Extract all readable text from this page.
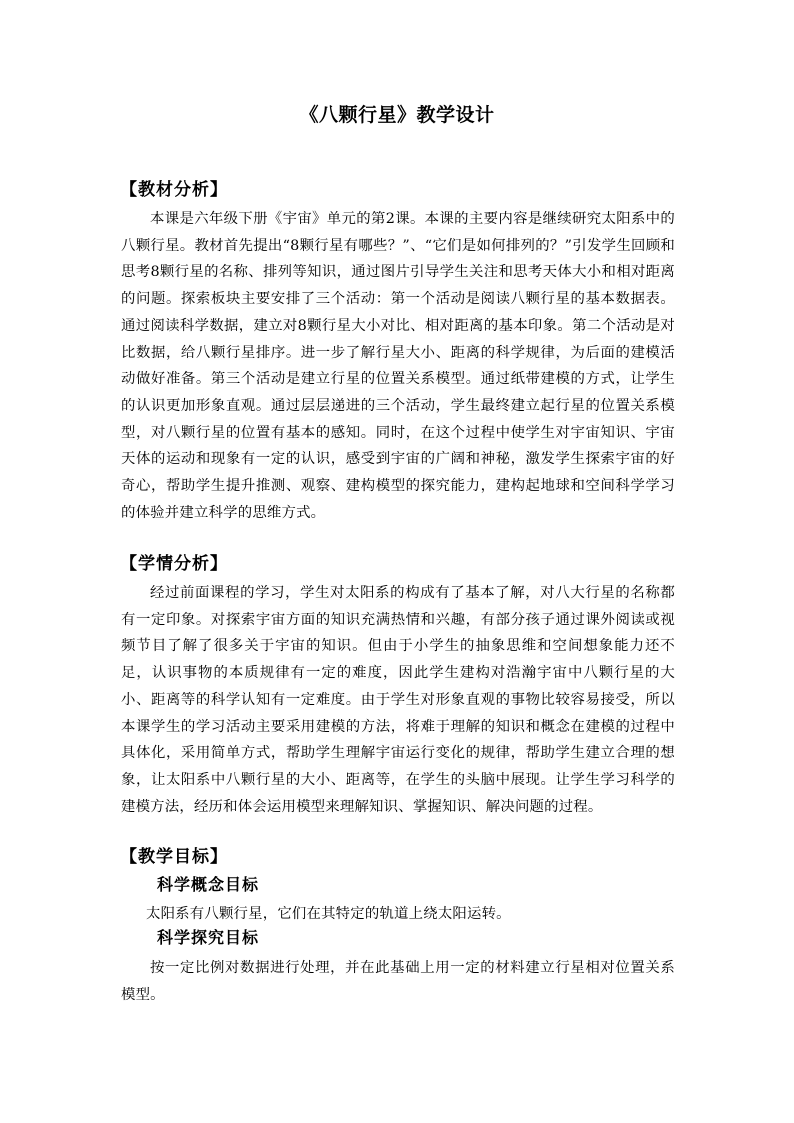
《八颗行星》教学设计
【教材分析】

本课是六年级下册《宇宙》单元的第2课。本课的主要内容是继续研究太阳系中的八颗行星。教材首先提出“8颗行星有哪些？”、“它们是如何排列的？”引发学生回顾和思考8颗行星的名称、排列等知识，通过图片引导学生关注和思考天体大小和相对距离的问题。探索板块主要安排了三个活动：第一个活动是阅读八颗行星的基本数据表。通过阅读科学数据，建立对8颗行星大小对比、相对距离的基本印象。第二个活动是对比数据，给八颗行星排序。进一步了解行星大小、距离的科学规律，为后面的建模活动做好准备。第三个活动是建立行星的位置关系模型。通过纸带建模的方式，让学生的认识更加形象直观。通过层层递进的三个活动，学生最终建立起行星的位置关系模型，对八颗行星的位置有基本的感知。同时，在这个过程中使学生对宇宙知识、宇宙天体的运动和现象有一定的认识，感受到宇宙的广阔和神秘，激发学生探索宇宙的好奇心，帮助学生提升推测、观察、建构模型的探究能力，建构起地球和空间科学学习的体验并建立科学的思维方式。

【学情分析】

经过前面课程的学习，学生对太阳系的构成有了基本了解，对八大行星的名称都有一定印象。对探索宇宙方面的知识充满热情和兴趣，有部分孩子通过课外阅读或视频节目了解了很多关于宇宙的知识。但由于小学生的抽象思维和空间想象能力还不足，认识事物的本质规律有一定的难度，因此学生建构对浩瀚宇宙中八颗行星的大小、距离等的科学认知有一定难度。由于学生对形象直观的事物比较容易接受，所以本课学生的学习活动主要采用建模的方法，将难于理解的知识和概念在建模的过程中具体化，采用简单方式，帮助学生理解宇宙运行变化的规律，帮助学生建立合理的想象，让太阳系中八颗行星的大小、距离等，在学生的头脑中展现。让学生学习科学的建模方法，经历和体会运用模型来理解知识、掌握知识、解决问题的过程。

【教学目标】
科学概念目标

太阳系有八颗行星，它们在其特定的轨道上绕太阳运转。

科学探究目标

按一定比例对数据进行处理，并在此基础上用一定的材料建立行星相对位置关系模型。
